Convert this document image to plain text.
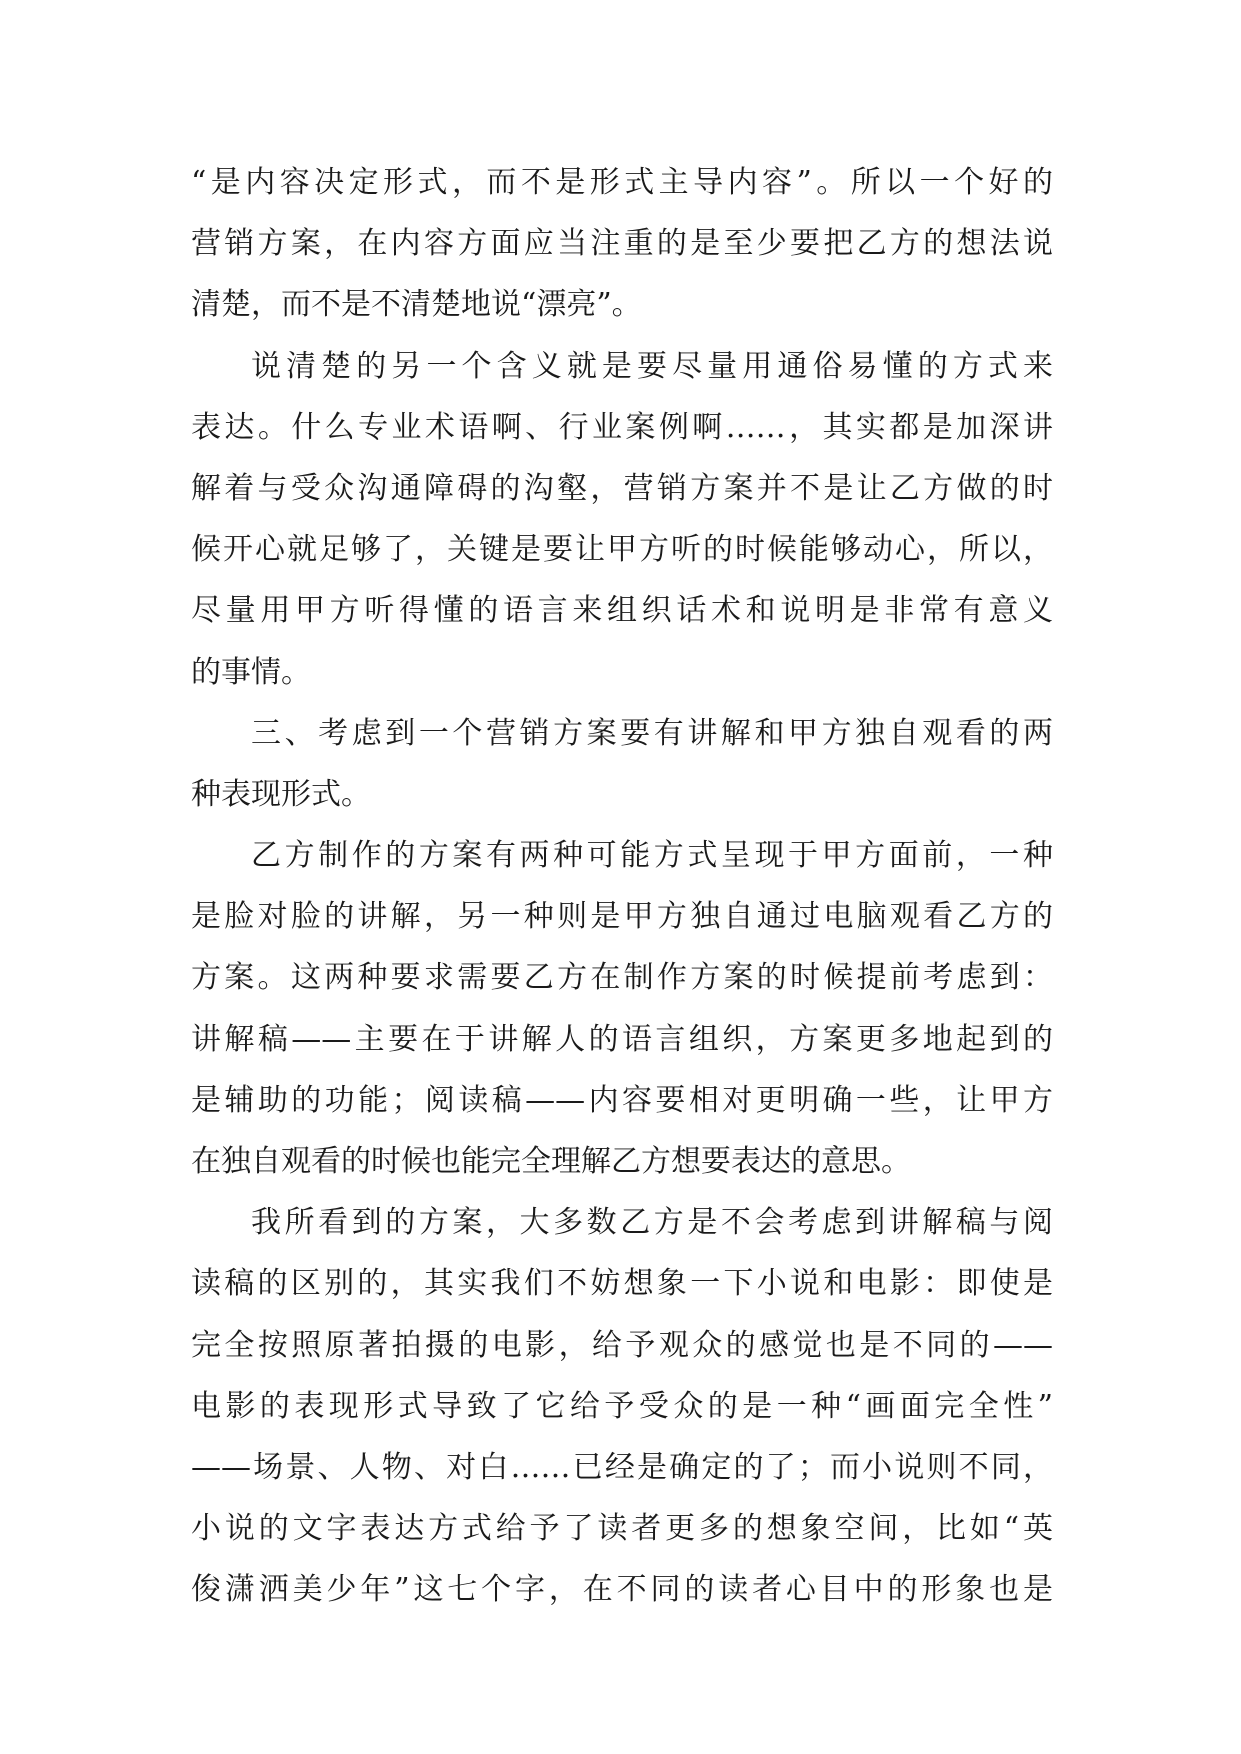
“是内容决定形式，而不是形式主导内容”。所以一个好的
营销方案，在内容方面应当注重的是至少要把乙方的想法说
清楚，而不是不清楚地说“漂亮”。
说清楚的另一个含义就是要尽量用通俗易懂的方式来
表达。什么专业术语啊、行业案例啊……，其实都是加深讲
解着与受众沟通障碍的沟壑，营销方案并不是让乙方做的时
候开心就足够了，关键是要让甲方听的时候能够动心，所以，
尽量用甲方听得懂的语言来组织话术和说明是非常有意义
的事情。
三、考虑到一个营销方案要有讲解和甲方独自观看的两
种表现形式。
乙方制作的方案有两种可能方式呈现于甲方面前，一种
是脸对脸的讲解，另一种则是甲方独自通过电脑观看乙方的
方案。这两种要求需要乙方在制作方案的时候提前考虑到：
讲解稿——主要在于讲解人的语言组织，方案更多地起到的
是辅助的功能；阅读稿——内容要相对更明确一些，让甲方
在独自观看的时候也能完全理解乙方想要表达的意思。
我所看到的方案，大多数乙方是不会考虑到讲解稿与阅
读稿的区别的，其实我们不妨想象一下小说和电影：即使是
完全按照原著拍摄的电影，给予观众的感觉也是不同的——
电影的表现形式导致了它给予受众的是一种“画面完全性”
——场景、人物、对白……已经是确定的了；而小说则不同，
小说的文字表达方式给予了读者更多的想象空间，比如“英
俊潇洒美少年”这七个字，在不同的读者心目中的形象也是
